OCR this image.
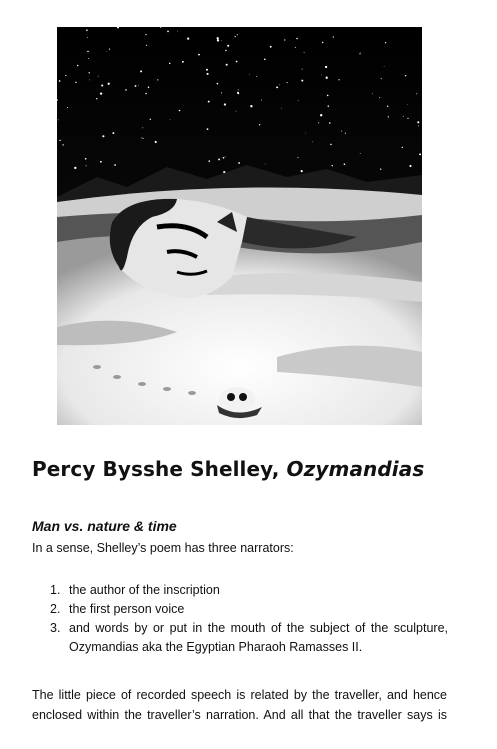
Percy Bysshe Shelley, Ozymandias
Man vs. nature & time

In a sense, Shelley’s poem has three narrators:

1. the author of the inscription
2. the first person voice
3. and words by or put in the mouth of the subject of the sculpture, Ozymandias aka the Egyptian Pharaoh Ramasses II.

The little piece of recorded speech is related by the traveller, and hence enclosed within the traveller’s narration. And all that the traveller says is
